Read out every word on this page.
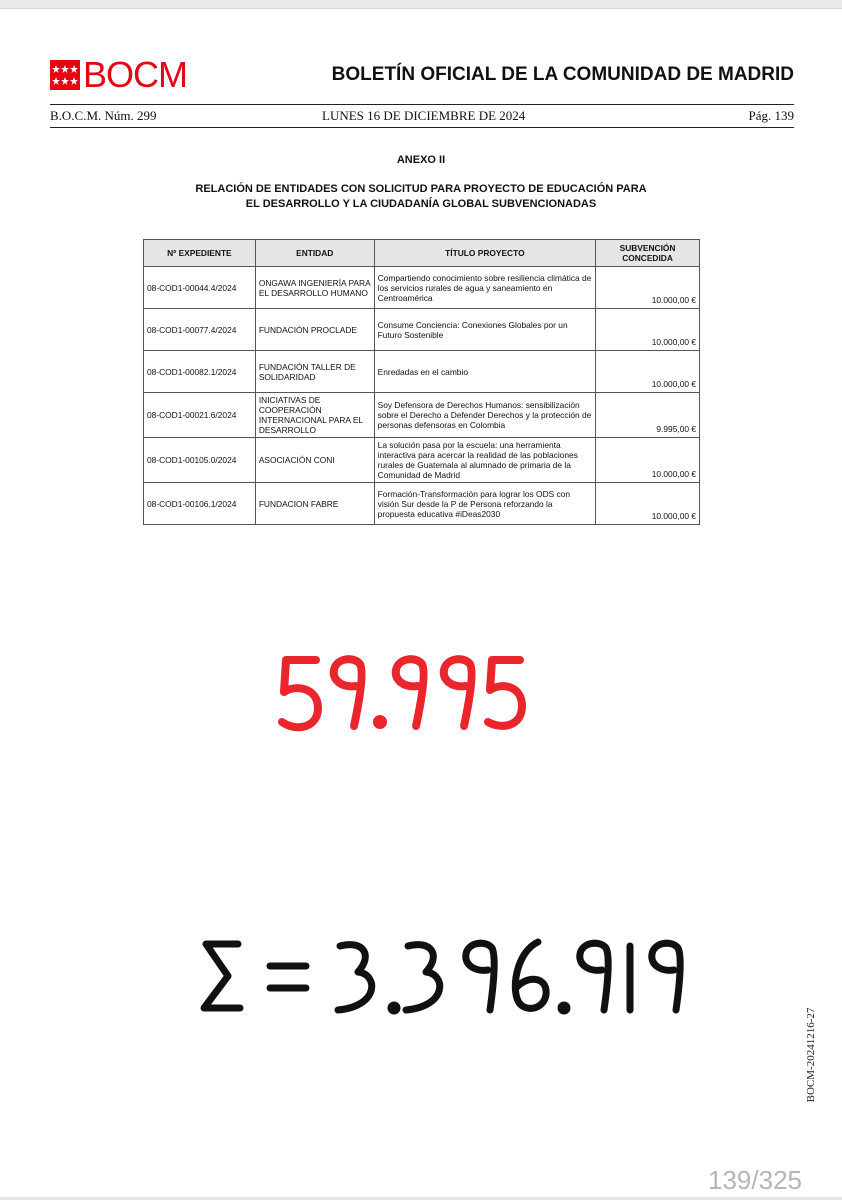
BOCM	BOLETÍN OFICIAL DE LA COMUNIDAD DE MADRID
B.O.C.M. Núm. 299	LUNES 16 DE DICIEMBRE DE 2024	Pág. 139
ANEXO II
RELACIÓN DE ENTIDADES CON SOLICITUD PARA PROYECTO DE EDUCACIÓN PARA
EL DESARROLLO Y LA CIUDADANÍA GLOBAL SUBVENCIONADAS
Nº EXPEDIENTE	ENTIDAD	TÍTULO PROYECTO	SUBVENCIÓN CONCEDIDA
08-COD1-00044.4/2024	ONGAWA INGENIERÍA PARA EL DESARROLLO HUMANO	Compartiendo conocimiento sobre resiliencia climática de los servicios rurales de agua y saneamiento en Centroamérica	10.000,00 €
08-COD1-00077.4/2024	FUNDACIÓN PROCLADE	Consume Conciencia: Conexiones Globales por un Futuro Sostenible	10.000,00 €
08-COD1-00082.1/2024	FUNDACIÓN TALLER DE SOLIDARIDAD	Enredadas en el cambio	10.000,00 €
08-COD1-00021.6/2024	INICIATIVAS DE COOPERACIÓN INTERNACIONAL PARA EL DESARROLLO	Soy Defensora de Derechos Humanos: sensibilización sobre el Derecho a Defender Derechos y la protección de personas defensoras en Colombia	9.995,00 €
08-COD1-00105.0/2024	ASOCIACIÓN CONI	La solución pasa por la escuela: una herramienta interactiva para acercar la realidad de las poblaciones rurales de Guatemala al alumnado de primaria de la Comunidad de Madrid	10.000,00 €
08-COD1-00106.1/2024	FUNDACION FABRE	Formación-Transformación para lograr los ODS con visión Sur desde la P de Persona reforzando la propuesta educativa #iDeas2030	10.000,00 €
BOCM-20241216-27
139/325
